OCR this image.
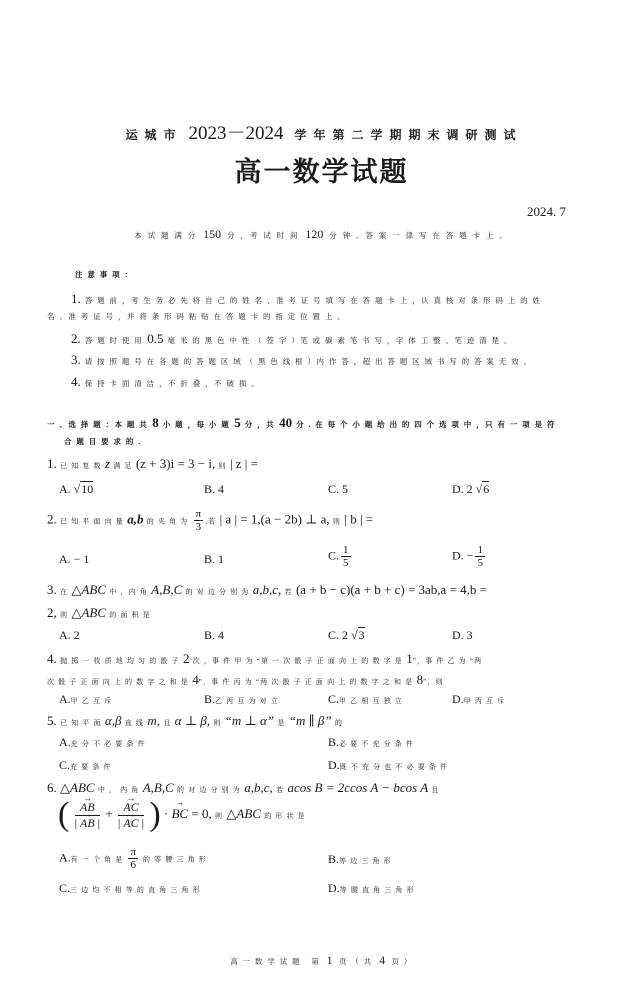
运 城 市 2023－2024 学 年 第 二 学 期 期 末 调 研 测 试
高一数学试题
2024. 7
本 试 题 满 分 150 分 ，考 试 时 间 120 分 钟 。答 案 一 律 写 在 答 题 卡 上 。
注 意 事 项 ：
1. 答 题 前 ，考 生 务 必 先 将 自 己 的 姓 名 、准 考 证 号 填 写 在 答 题 卡 上 ，认 真 核 对 条 形 码 上 的 姓
名 、准 考 证 号 ，并 将 条 形 码 粘 贴 在 答 题 卡 的 指 定 位 置 上 。
2. 答 题 时 使 用 0.5 毫 米 的 黑 色 中 性 （ 签 字 ）笔 或 碳 素 笔 书 写 ，字 体 工 整 、笔 迹 清 楚 。
3. 请 按 照 题 号 在 各 题 的 答 题 区 域 （ 黑 色 线 框 ）内 作 答 ，超 出 答 题 区 域 书 写 的 答 案 无 效 。
4. 保 持 卡 面 清 洁 ，不 折 叠 ，不 破 损 。
一 、选 择 题 ：本 题 共 8 小 题 ，每 小 题 5 分 ，共 40 分 . 在 每 个 小 题 给 出 的 四 个 选 项 中 ，只 有 一 项 是 符
合 题 目 要 求 的 .
1. 已 知 复 数 z 满 足 (z + 3)i = 3 − i, 则 | z | =
A. √10	B. 4	C. 5	D. 2 √6
2. 已 知 平 面 向 量 a,b 的 夹 角 为 $\frac{\pi}{3}$ ,若 | a | = 1,(a − 2b) ⊥ a, 则 | b | =
A. − 1	B. 1	C. $\frac{1}{5}$	D. − $\frac{1}{5}$
3. 在 △ABC 中 ，内 角 A,B,C 的 对 边 分 别 为 a,b,c, 若 (a + b − c)(a + b + c) = 3ab,a = 4,b =
2, 则 △ABC 的 面 积 是
A. 2	B. 4	C. 2 √3	D. 3
4. 抛 掷 一 枚 质 地 均 匀 的 骰 子 2 次 ，事 件 甲 为 “第 一 次 骰 子 正 面 向 上 的 数 字 是 1”，事 件 乙 为 “两
次 骰 子 正 面 向 上 的 数 字 之 和 是 4”，事 件 丙 为 “两 次 骰 子 正 面 向 上 的 数 字 之 和 是 8”，则
A.甲 乙 互 斥	B.乙 丙 互 为 对 立	C.甲 乙 相 互 独 立	D.甲 丙 互 斥
5. 已 知 平 面 α,β 直 线 m, 且 α ⊥ β, 则 “m ⊥ α” 是 “m ∥ β” 的
A.充 分 不 必 要 条 件	B.必 要 不 充 分 条 件
C.充 要 条 件	D.既 不 充 分 也 不 必 要 条 件
6. △ABC 中 ， 内 角 A,B,C 的 对 边 分 别 为 a,b,c, 若 acos B = 2ccos A − bcos A 且
( → $\frac{AB}{| \to AB |}$ + → $\frac{AC}{| \to AC |}$ ) · → BC = 0, 则 △ABC 的 形 状 是
A.有 一 个 角 是 $\frac{\pi}{6}$ 的 等 腰 三 角 形	B.等 边 三 角 形
C.三 边 均 不 相 等 的 直 角 三 角 形	D.等 腰 直 角 三 角 形
高 一 数 学 试 题 第 1 页 （ 共 4 页 ）
